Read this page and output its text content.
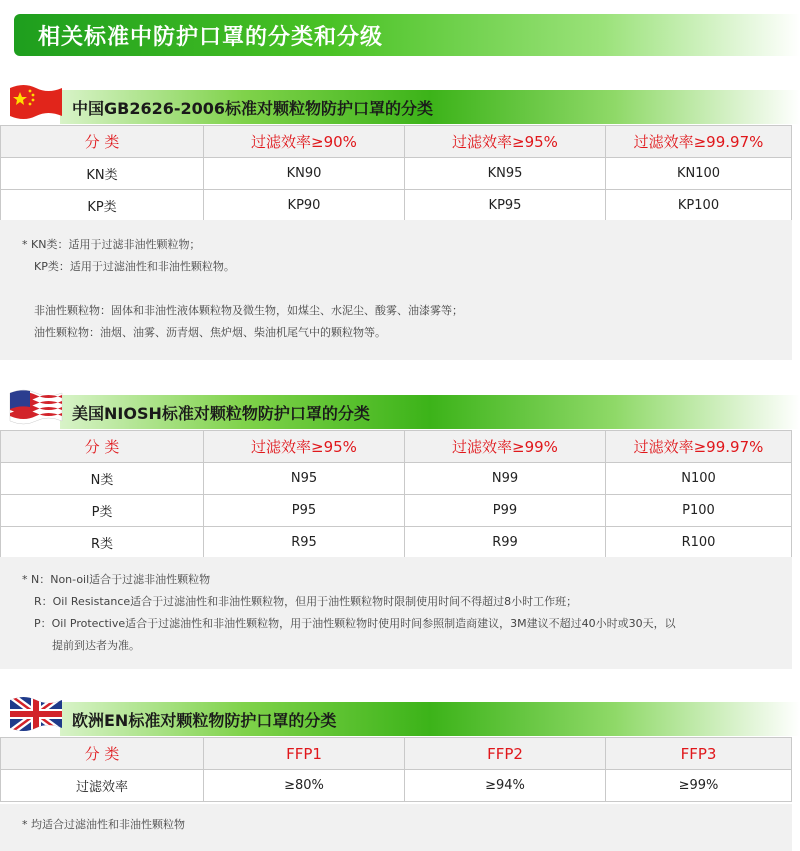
相关标准中防护口罩的分类和分级
中国GB2626-2006标准对颗粒物防护口罩的分类
分 类	过滤效率≥90%	过滤效率≥95%	过滤效率≥99.97%
KN类	KN90	KN95	KN100
KP类	KP90	KP95	KP100

* KN类：适用于过滤非油性颗粒物；

KP类：适用于过滤油性和非油性颗粒物。

非油性颗粒物：固体和非油性液体颗粒物及微生物，如煤尘、水泥尘、酸雾、油漆雾等；

油性颗粒物：油烟、油雾、沥青烟、焦炉烟、柴油机尾气中的颗粒物等。

美国NIOSH标准对颗粒物防护口罩的分类
分 类	过滤效率≥95%	过滤效率≥99%	过滤效率≥99.97%
N类	N95	N99	N100
P类	P95	P99	P100
R类	R95	R99	R100

* N：Non-oil适合于过滤非油性颗粒物

R：Oil Resistance适合于过滤油性和非油性颗粒物，但用于油性颗粒物时限制使用时间不得超过8小时工作班；

P：Oil Protective适合于过滤油性和非油性颗粒物，用于油性颗粒物时使用时间参照制造商建议，3M建议不超过40小时或30天，以

提前到达者为准。

欧洲EN标准对颗粒物防护口罩的分类
分 类	FFP1	FFP2	FFP3
过滤效率	≥80%	≥94%	≥99%

* 均适合过滤油性和非油性颗粒物
